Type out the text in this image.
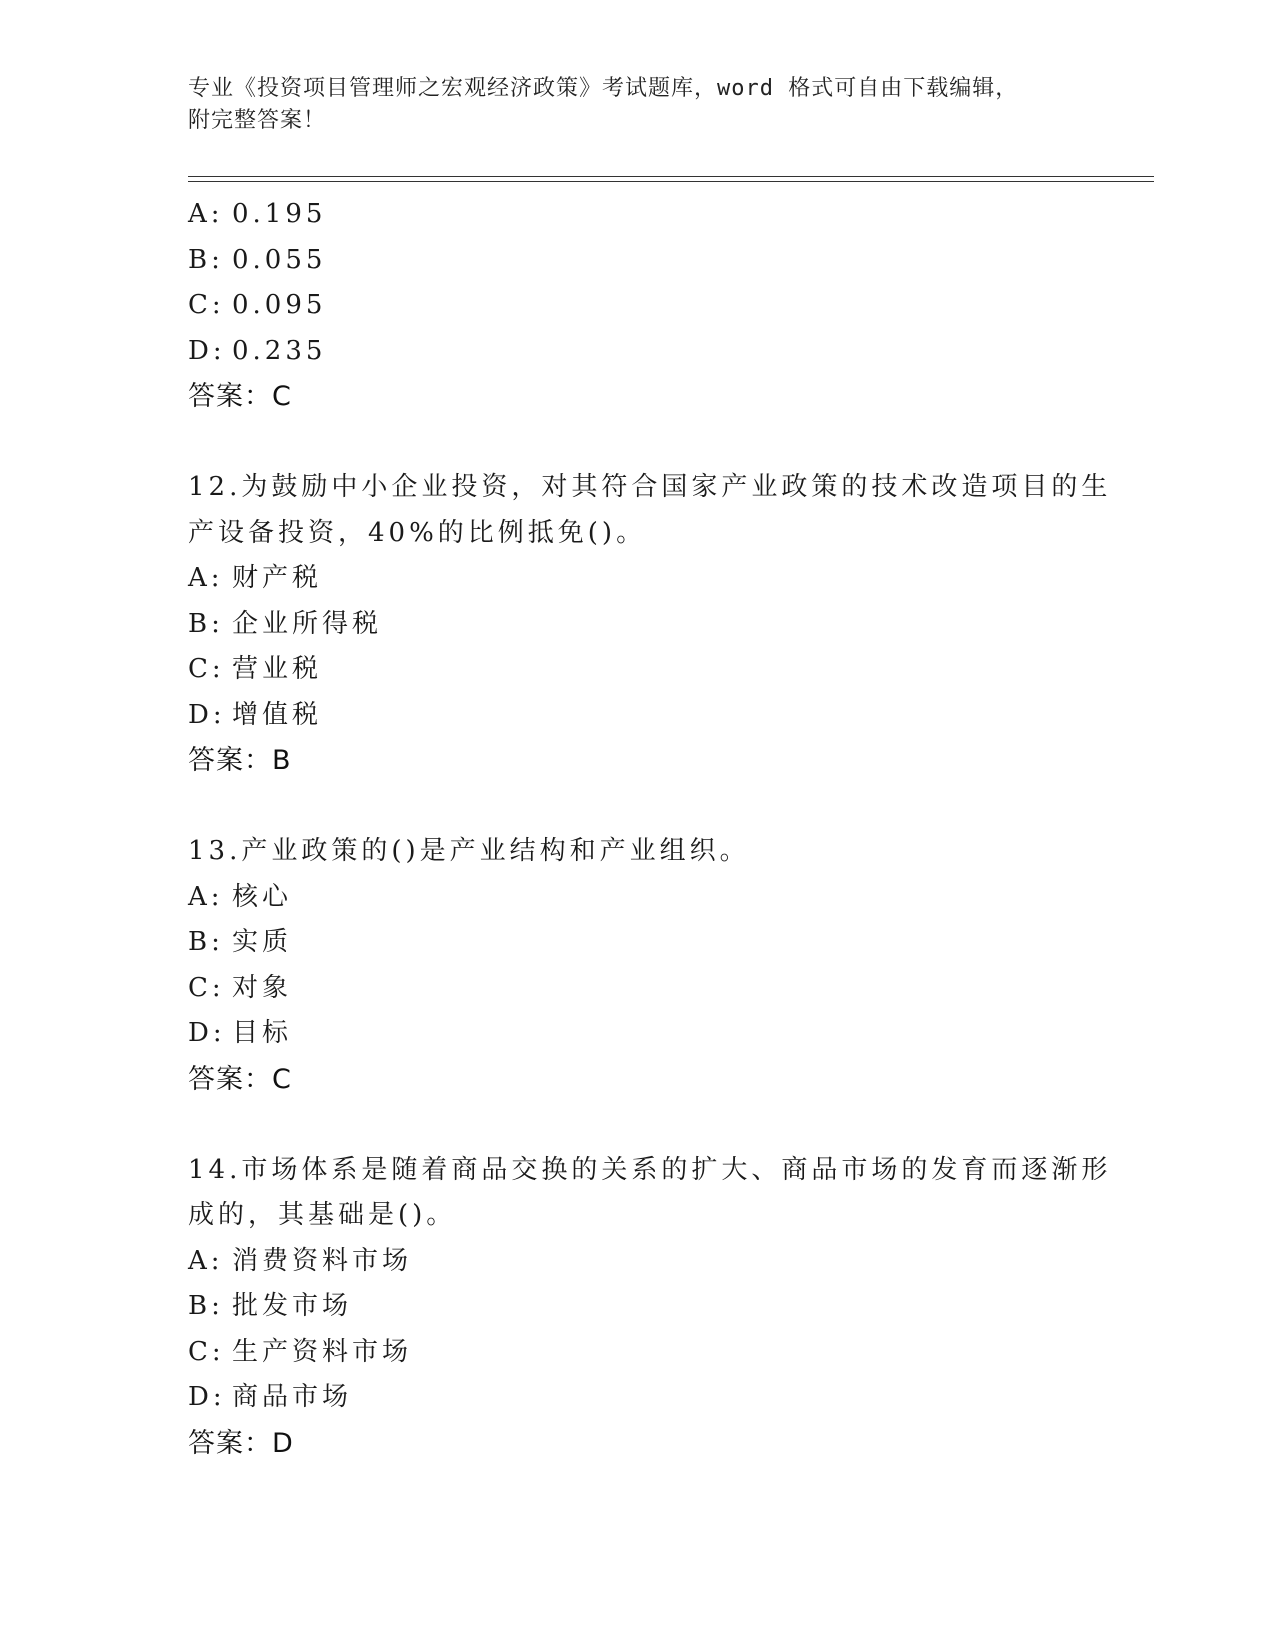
专业《投资项目管理师之宏观经济政策》考试题库，word 格式可自由下载编辑，
附完整答案！
A: 0.195
B: 0.055
C: 0.095
D: 0.235
答案：C
12.为鼓励中小企业投资，对其符合国家产业政策的技术改造项目的生
产设备投资，40%的比例抵免()。
A: 财产税
B: 企业所得税
C: 营业税
D: 增值税
答案：B
13.产业政策的()是产业结构和产业组织。
A: 核心
B: 实质
C: 对象
D: 目标
答案：C
14.市场体系是随着商品交换的关系的扩大、商品市场的发育而逐渐形
成的，其基础是()。
A: 消费资料市场
B: 批发市场
C: 生产资料市场
D: 商品市场
答案：D
